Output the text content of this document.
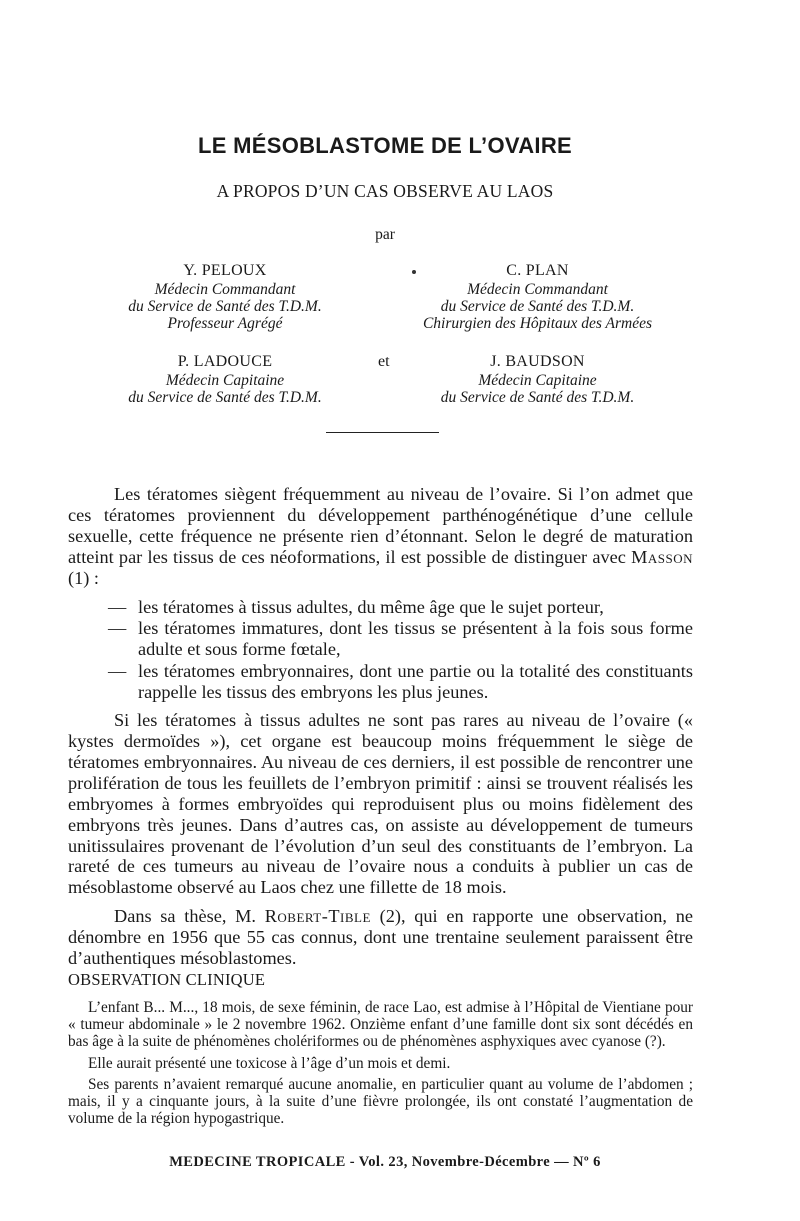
LE MÉSOBLASTOME DE L’OVAIRE
A PROPOS D’UN CAS OBSERVE AU LAOS
par
Y. PELOUX
Médecin Commandant
du Service de Santé des T.D.M.
Professeur Agrégé
C. PLAN
Médecin Commandant
du Service de Santé des T.D.M.
Chirurgien des Hôpitaux des Armées
P. LADOUCE
Médecin Capitaine
du Service de Santé des T.D.M.
et	J. BAUDSON
Médecin Capitaine
du Service de Santé des T.D.M.

Les tératomes siègent fréquemment au niveau de l’ovaire. Si l’on admet que ces tératomes proviennent du développement parthénogénétique d’une cellule sexuelle, cette fréquence ne présente rien d’étonnant. Selon le degré de maturation atteint par les tissus de ces néoformations, il est possible de distinguer avec Masson (1) :

— les tératomes à tissus adultes, du même âge que le sujet porteur,
— les tératomes immatures, dont les tissus se présentent à la fois sous forme adulte et sous forme fœtale,
— les tératomes embryonnaires, dont une partie ou la totalité des constituants rappelle les tissus des embryons les plus jeunes.

Si les tératomes à tissus adultes ne sont pas rares au niveau de l’ovaire (« kystes dermoïdes »), cet organe est beaucoup moins fréquemment le siège de tératomes embryonnaires. Au niveau de ces derniers, il est possible de rencontrer une prolifération de tous les feuillets de l’embryon primitif : ainsi se trouvent réalisés les embryomes à formes embryoïdes qui reproduisent plus ou moins fidèlement des embryons très jeunes. Dans d’autres cas, on assiste au développement de tumeurs unitissulaires provenant de l’évolution d’un seul des constituants de l’embryon. La rareté de ces tumeurs au niveau de l’ovaire nous a conduits à publier un cas de mésoblastome observé au Laos chez une fillette de 18 mois.

Dans sa thèse, M. Robert-Tible (2), qui en rapporte une observation, ne dénombre en 1956 que 55 cas connus, dont une trentaine seulement paraissent être d’authentiques mésoblastomes.

OBSERVATION CLINIQUE

L’enfant B... M..., 18 mois, de sexe féminin, de race Lao, est admise à l’Hôpital de Vientiane pour « tumeur abdominale » le 2 novembre 1962. Onzième enfant d’une famille dont six sont décédés en bas âge à la suite de phénomènes cholériformes ou de phénomènes asphyxiques avec cyanose (?).

Elle aurait présenté une toxicose à l’âge d’un mois et demi.

Ses parents n’avaient remarqué aucune anomalie, en particulier quant au volume de l’abdomen ; mais, il y a cinquante jours, à la suite d’une fièvre prolongée, ils ont constaté l’augmentation de volume de la région hypogastrique.

MEDECINE TROPICALE - Vol. 23, Novembre-Décembre — Nº 6
